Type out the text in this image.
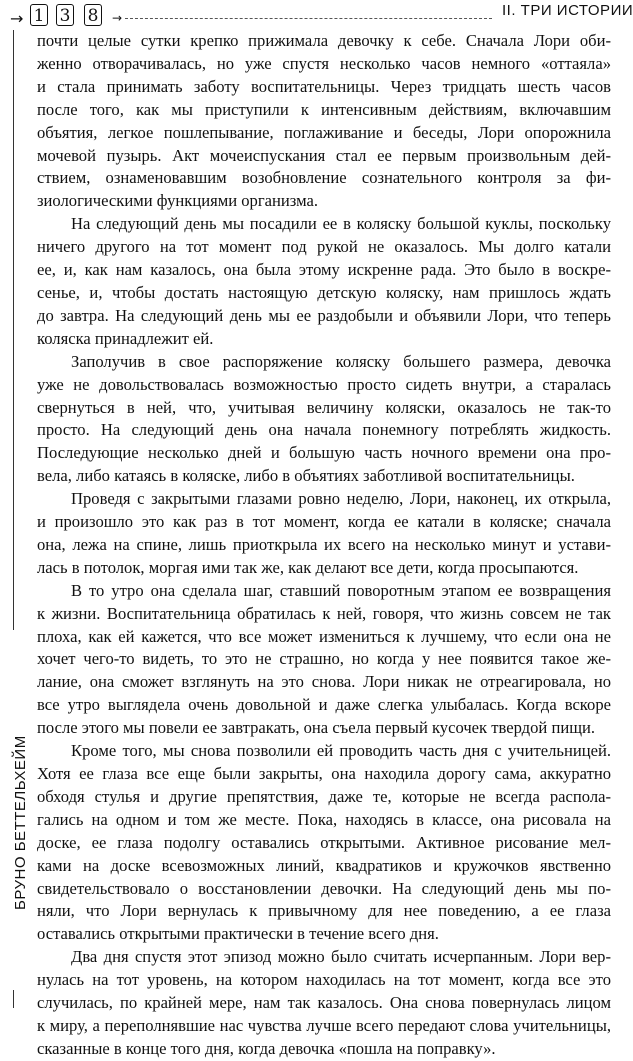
→ 1 3 8 →	II. ТРИ ИСТОРИИ
БРУНО БЕТТЕЛЬХЕЙМ
почти целые сутки крепко прижимала девочку к себе. Сначала Лори оби-
женно отворачивалась, но уже спустя несколько часов немного «оттаяла»
и стала принимать заботу воспитательницы. Через тридцать шесть часов
после того, как мы приступили к интенсивным действиям, включавшим
объятия, легкое пошлепывание, поглаживание и беседы, Лори опорожнила
мочевой пузырь. Акт мочеиспускания стал ее первым произвольным дей-
ствием, ознаменовавшим возобновление сознательного контроля за фи-
зиологическими функциями организма.
На следующий день мы посадили ее в коляску большой куклы, поскольку
ничего другого на тот момент под рукой не оказалось. Мы долго катали
ее, и, как нам казалось, она была этому искренне рада. Это было в воскре-
сенье, и, чтобы достать настоящую детскую коляску, нам пришлось ждать
до завтра. На следующий день мы ее раздобыли и объявили Лори, что теперь
коляска принадлежит ей.
Заполучив в свое распоряжение коляску большего размера, девочка
уже не довольствовалась возможностью просто сидеть внутри, а старалась
свернуться в ней, что, учитывая величину коляски, оказалось не так-то
просто. На следующий день она начала понемногу потреблять жидкость.
Последующие несколько дней и большую часть ночного времени она про-
вела, либо катаясь в коляске, либо в объятиях заботливой воспитательницы.
Проведя с закрытыми глазами ровно неделю, Лори, наконец, их открыла,
и произошло это как раз в тот момент, когда ее катали в коляске; сначала
она, лежа на спине, лишь приоткрыла их всего на несколько минут и устави-
лась в потолок, моргая ими так же, как делают все дети, когда просыпаются.
В то утро она сделала шаг, ставший поворотным этапом ее возвращения
к жизни. Воспитательница обратилась к ней, говоря, что жизнь совсем не так
плоха, как ей кажется, что все может измениться к лучшему, что если она не
хочет чего-то видеть, то это не страшно, но когда у нее появится такое же-
лание, она сможет взглянуть на это снова. Лори никак не отреагировала, но
все утро выглядела очень довольной и даже слегка улыбалась. Когда вскоре
после этого мы повели ее завтракать, она съела первый кусочек твердой пищи.
Кроме того, мы снова позволили ей проводить часть дня с учительницей.
Хотя ее глаза все еще были закрыты, она находила дорогу сама, аккуратно
обходя стулья и другие препятствия, даже те, которые не всегда распола-
гались на одном и том же месте. Пока, находясь в классе, она рисовала на
доске, ее глаза подолгу оставались открытыми. Активное рисование мел-
ками на доске всевозможных линий, квадратиков и кружочков явственно
свидетельствовало о восстановлении девочки. На следующий день мы по-
няли, что Лори вернулась к привычному для нее поведению, а ее глаза
оставались открытыми практически в течение всего дня.
Два дня спустя этот эпизод можно было считать исчерпанным. Лори вер-
нулась на тот уровень, на котором находилась на тот момент, когда все это
случилась, по крайней мере, нам так казалось. Она снова повернулась лицом
к миру, а переполнявшие нас чувства лучше всего передают слова учительницы,
сказанные в конце того дня, когда девочка «пошла на поправку».
